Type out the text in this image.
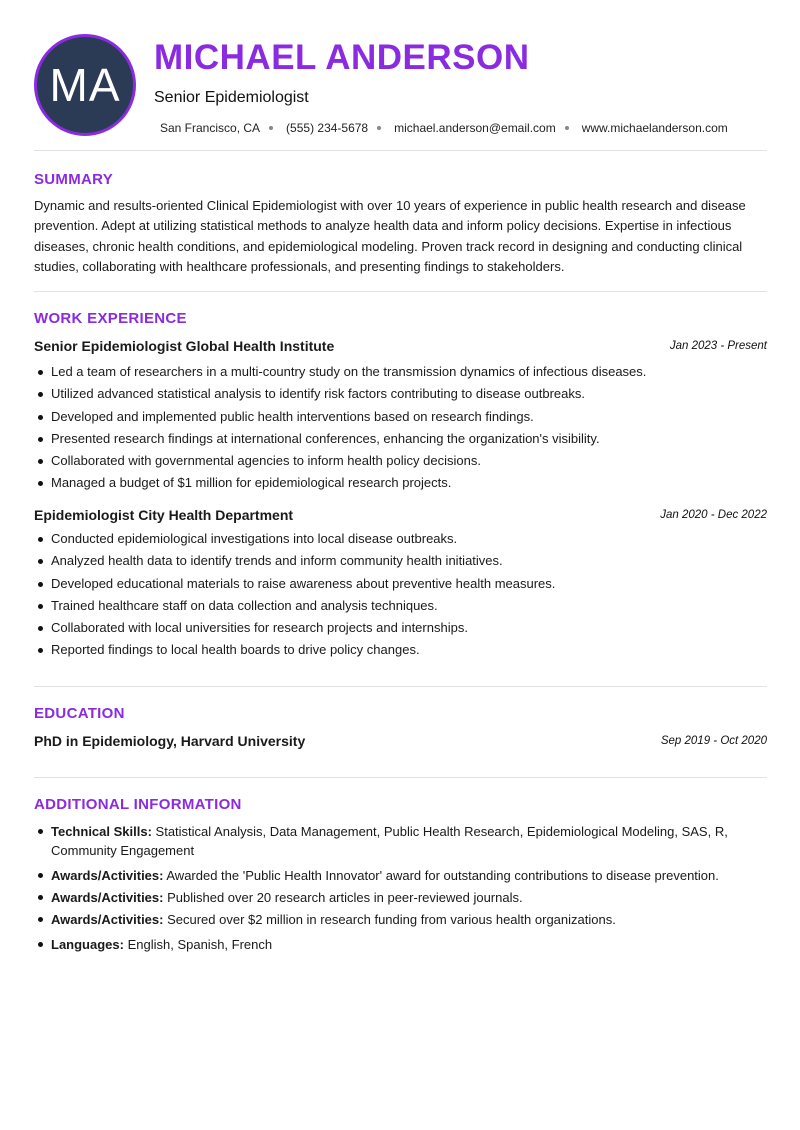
MA
MICHAEL ANDERSON
Senior Epidemiologist
San Francisco, CA (555) 234-5678 michael.anderson@email.com www.michaelanderson.com
SUMMARY
Dynamic and results-oriented Clinical Epidemiologist with over 10 years of experience in public health research and disease prevention. Adept at utilizing statistical methods to analyze health data and inform policy decisions. Expertise in infectious diseases, chronic health conditions, and epidemiological modeling. Proven track record in designing and conducting clinical studies, collaborating with healthcare professionals, and presenting findings to stakeholders.
WORK EXPERIENCE
Senior Epidemiologist Global Health Institute	Jan 2023 - Present
Led a team of researchers in a multi-country study on the transmission dynamics of infectious diseases.
Utilized advanced statistical analysis to identify risk factors contributing to disease outbreaks.
Developed and implemented public health interventions based on research findings.
Presented research findings at international conferences, enhancing the organization's visibility.
Collaborated with governmental agencies to inform health policy decisions.
Managed a budget of $1 million for epidemiological research projects.
Epidemiologist City Health Department	Jan 2020 - Dec 2022
Conducted epidemiological investigations into local disease outbreaks.
Analyzed health data to identify trends and inform community health initiatives.
Developed educational materials to raise awareness about preventive health measures.
Trained healthcare staff on data collection and analysis techniques.
Collaborated with local universities for research projects and internships.
Reported findings to local health boards to drive policy changes.
EDUCATION
PhD in Epidemiology, Harvard University	Sep 2019 - Oct 2020
ADDITIONAL INFORMATION
Technical Skills: Statistical Analysis, Data Management, Public Health Research, Epidemiological Modeling, SAS, R, Community Engagement
Awards/Activities: Awarded the 'Public Health Innovator' award for outstanding contributions to disease prevention.
Awards/Activities: Published over 20 research articles in peer-reviewed journals.
Awards/Activities: Secured over $2 million in research funding from various health organizations.
Languages: English, Spanish, French
